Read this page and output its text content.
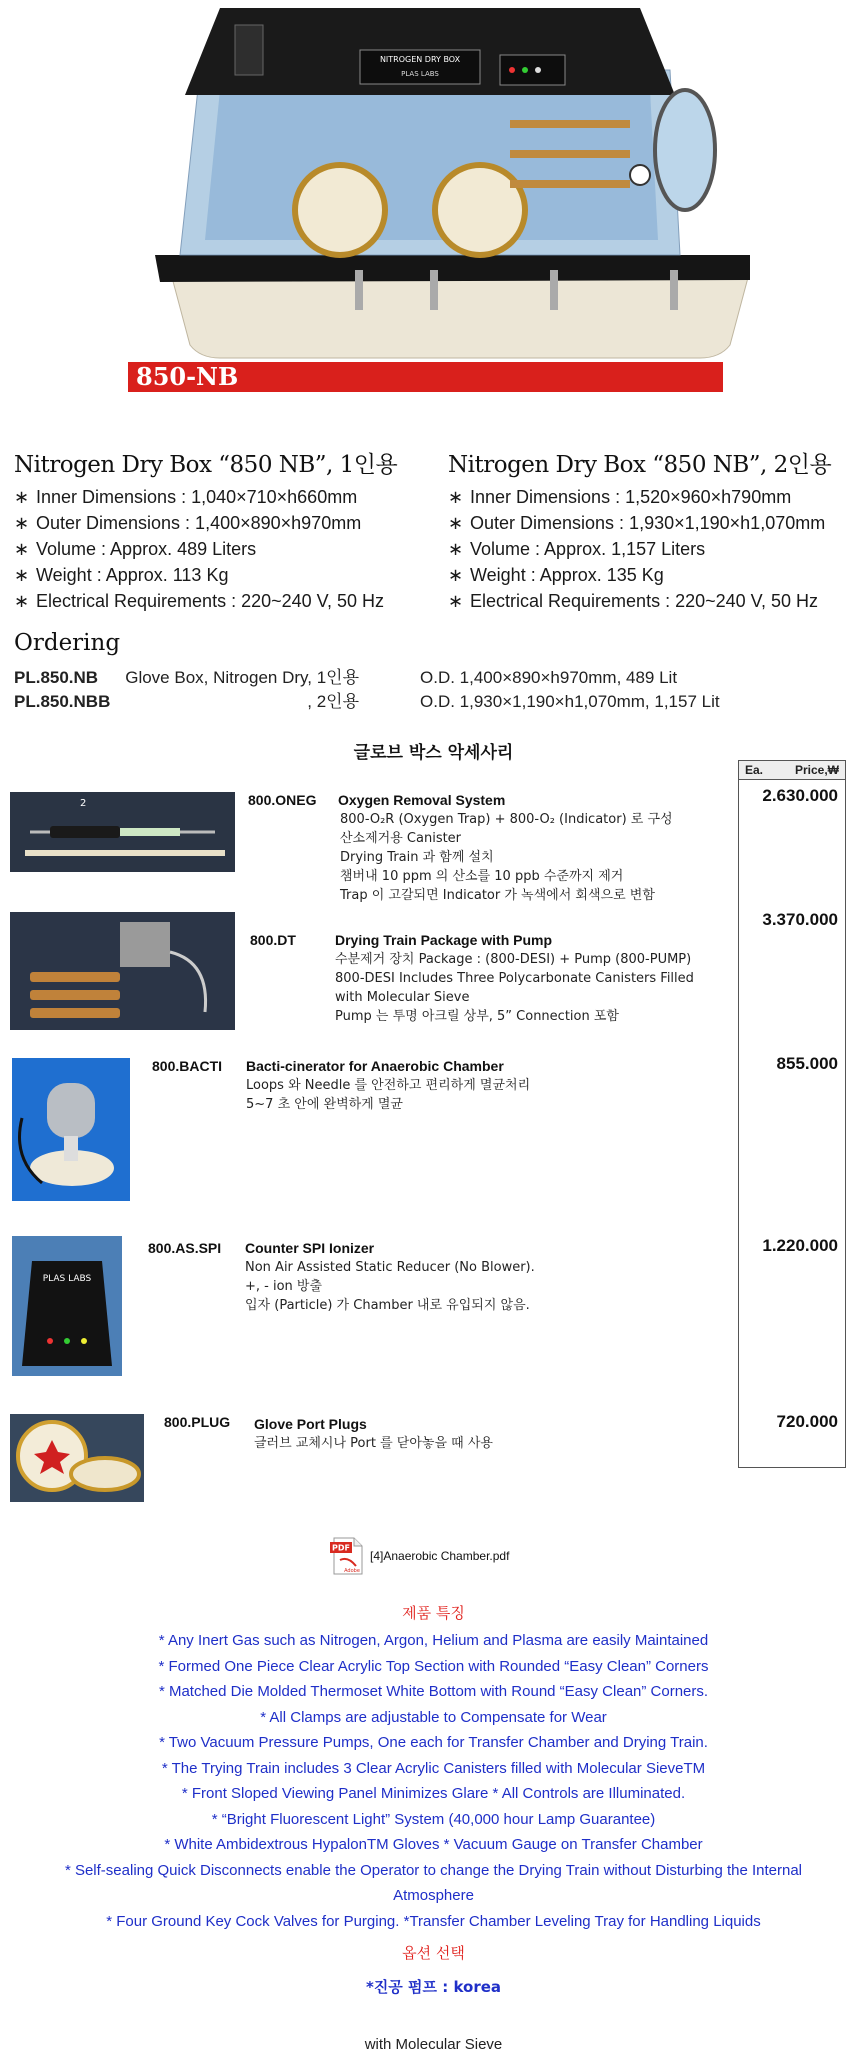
NITROGEN DRY BOX
PLAS LABS
850-NB
Nitrogen Dry Box “850 NB”, 1인용
∗ Inner Dimensions : 1,040×710×h660mm
∗ Outer Dimensions : 1,400×890×h970mm
∗ Volume : Approx. 489 Liters
∗ Weight : Approx. 113 Kg
∗ Electrical Requirements : 220~240 V, 50 Hz
Nitrogen Dry Box “850 NB”, 2인용
∗ Inner Dimensions : 1,520×960×h790mm
∗ Outer Dimensions : 1,930×1,190×h1,070mm
∗ Volume : Approx. 1,157 Liters
∗ Weight : Approx. 135 Kg
∗ Electrical Requirements : 220~240 V, 50 Hz
Ordering
PL.850.NB Glove Box, Nitrogen Dry, 1인용	O.D. 1,400×890×h970mm, 489 Lit
PL.850.NBB	, 2인용	O.D. 1,930×1,190×h1,070mm, 1,157 Lit
글로브 박스 악세사리
Ea.	Price,₩
2	800.ONEG Oxygen Removal System
800-O₂R (Oxygen Trap) + 800-O₂ (Indicator) 로 구성
산소제거용 Canister
Drying Train 과 함께 설치
챔버내 10 ppm 의 산소를 10 ppb 수준까지 제거
Trap 이 고갈되면 Indicator 가 녹색에서 회색으로 변함
2.630.000
800.DT	Drying Train Package with Pump
수분제거 장치 Package : (800-DESI) + Pump (800-PUMP)
800-DESI Includes Three Polycarbonate Canisters Filled
with Molecular Sieve
Pump 는 투명 아크릴 상부, 5” Connection 포함
3.370.000
800.BACTI Bacti-cinerator for Anaerobic Chamber
Loops 와 Needle 를 안전하고 편리하게 멸균처리
5~7 초 안에 완벽하게 멸균
855.000
PLAS LABS
800.AS.SPI Counter SPI Ionizer
Non Air Assisted Static Reducer (No Blower).
+, - ion 방출
입자 (Particle) 가 Chamber 내로 유입되지 않음.
1.220.000
800.PLUG Glove Port Plugs
글러브 교체시나 Port 를 닫아놓을 때 사용
720.000
PDF
Adobe
[4]Anaerobic Chamber.pdf
제품 특징
* Any Inert Gas such as Nitrogen, Argon, Helium and Plasma are easily Maintained
* Formed One Piece Clear Acrylic Top Section with Rounded “Easy Clean” Corners
* Matched Die Molded Thermoset White Bottom with Round “Easy Clean” Corners.
* All Clamps are adjustable to Compensate for Wear
* Two Vacuum Pressure Pumps, One each for Transfer Chamber and Drying Train.
* The Trying Train includes 3 Clear Acrylic Canisters filled with Molecular SieveTM
* Front Sloped Viewing Panel Minimizes Glare * All Controls are Illuminated.
* “Bright Fluorescent Light” System (40,000 hour Lamp Guarantee)
* White Ambidextrous HypalonTM Gloves * Vacuum Gauge on Transfer Chamber
* Self-sealing Quick Disconnects enable the Operator to change the Drying Train without Disturbing the Internal Atmosphere
* Four Ground Key Cock Valves for Purging. *Transfer Chamber Leveling Tray for Handling Liquids
옵션 선택
*진공 펌프 : korea
with Molecular Sieve
